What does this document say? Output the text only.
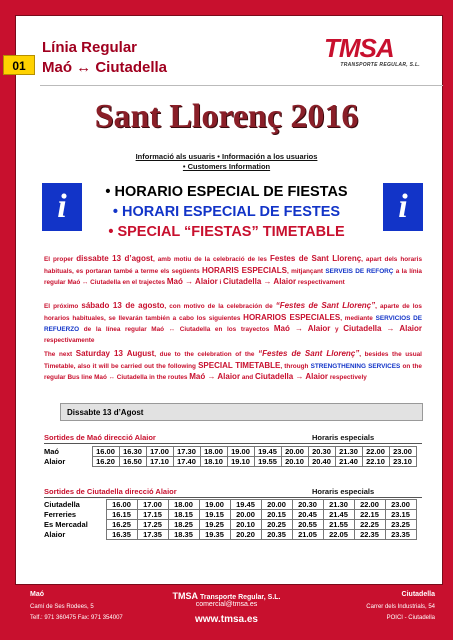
01
Línia Regular
Maó ↔ Ciutadella
TMSA
TRANSPORTE REGULAR, S.L.
Sant Llorenç 2016
Informació als usuaris • Información a los usuarios
• Customers Information
i	i
• HORARIO ESPECIAL DE FIESTAS
• HORARI ESPECIAL DE FESTES
• SPECIAL “FIESTAS” TIMETABLE
El proper dissabte 13 d’agost, amb motiu de la celebració de les Festes de Sant Llorenç, apart dels horaris habituals, es portaran també a terme els següents HORARIS ESPECIALS, mitjançant SERVEIS DE REFORÇ a la línia regular Maó ↔ Ciutadella en el trajectes Maó → Alaior i Ciutadella → Alaior respectivament
El próximo sábado 13 de agosto, con motivo de la celebración de “Festes de Sant Llorenç”, aparte de los horarios habituales, se llevarán también a cabo los siguientes HORARIOS ESPECIALES, mediante SERVICIOS DE REFUERZO de la línea regular Maó ↔ Ciutadella en los trayectos Maó → Alaior y Ciutadella → Alaior respectivamente
The next Saturday 13 August, due to the celebration of the “Festes de Sant Llorenç”, besides the usual Timetable, also it will be carried out the following SPECIAL TIMETABLE, through STRENGTHENING SERVICES on the regular Bus line Maó ↔ Ciutadella in the routes Maó → Alaior and Ciutadella → Alaior respectively
Dissabte 13 d’Agost
Sortides de Maó direcció Alaior	Horaris especials
Maó	16.00	16.30	17.00	17.30	18.00	19.00	19.45	20.00	20.30	21.30	22.00	23.00
Alaior	16.20	16.50	17.10	17.40	18.10	19.10	19.55	20.10	20.40	21.40	22.10	23.10
Sortides de Ciutadella direcció Alaior	Horaris especials
Ciutadella	16.00	17.00	18.00	19.00	19.45	20.00	20.30	21.30	22.00	23.00
Ferreries	16.15	17.15	18.15	19.15	20.00	20.15	20.45	21.45	22.15	23.15
Es Mercadal	16.25	17.25	18.25	19.25	20.10	20.25	20.55	21.55	22.25	23.25
Alaior	16.35	17.35	18.35	19.35	20.20	20.35	21.05	22.05	22.35	23.35
Maó
Camí de Ses Rodees, 5
Telf.: 971 360475 Fax: 971 354007
TMSA Transporte Regular, S.L.
comercial@tmsa.es
www.tmsa.es
Ciutadella
Carrer dels Industrials, 54
POICI - Ciutadella
